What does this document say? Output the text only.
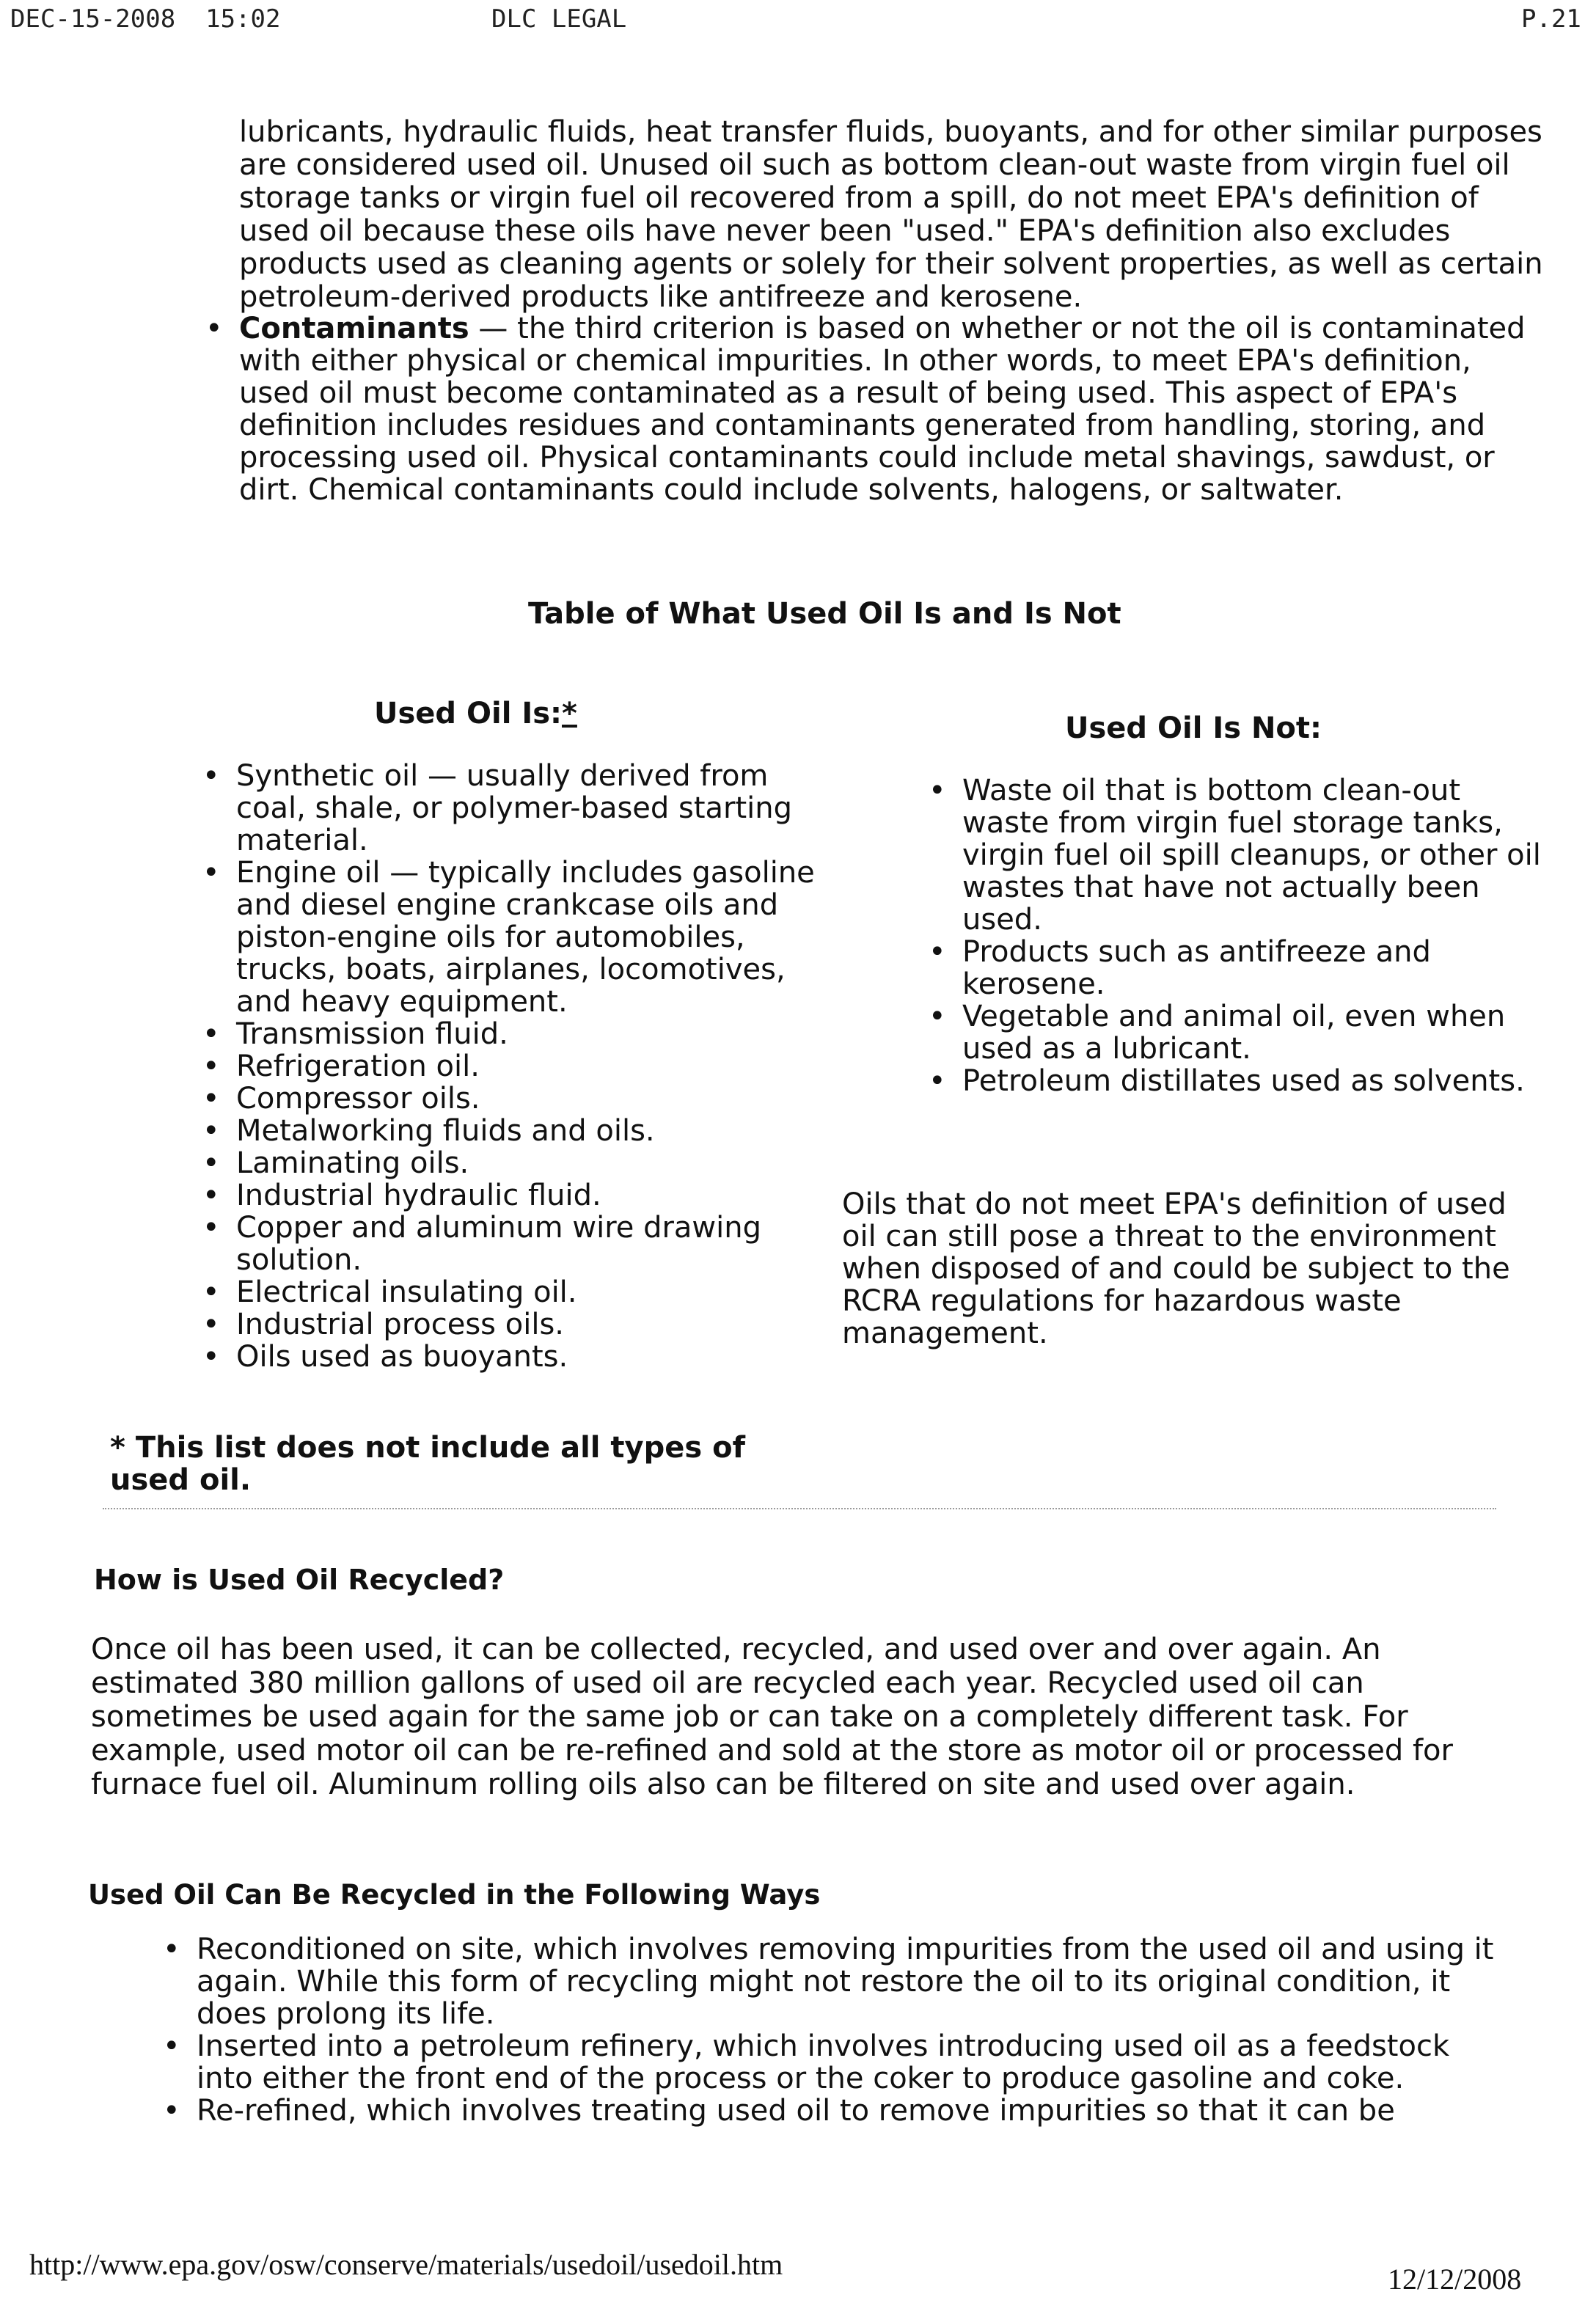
DEC-15-2008  15:02	DLC LEGAL	P.21
lubricants, hydraulic fluids, heat transfer fluids, buoyants, and for other similar purposes are considered used oil. Unused oil such as bottom clean-out waste from virgin fuel oil storage tanks or virgin fuel oil recovered from a spill, do not meet EPA's definition of used oil because these oils have never been "used." EPA's definition also excludes products used as cleaning agents or solely for their solvent properties, as well as certain petroleum-derived products like antifreeze and kerosene.
• Contaminants — the third criterion is based on whether or not the oil is contaminated with either physical or chemical impurities. In other words, to meet EPA's definition, used oil must become contaminated as a result of being used. This aspect of EPA's definition includes residues and contaminants generated from handling, storing, and processing used oil. Physical contaminants could include metal shavings, sawdust, or dirt. Chemical contaminants could include solvents, halogens, or saltwater.
Table of What Used Oil Is and Is Not
Used Oil Is:*
• Synthetic oil — usually derived from coal, shale, or polymer-based starting material.
• Engine oil — typically includes gasoline and diesel engine crankcase oils and piston-engine oils for automobiles, trucks, boats, airplanes, locomotives, and heavy equipment.
• Transmission fluid.
• Refrigeration oil.
• Compressor oils.
• Metalworking fluids and oils.
• Laminating oils.
• Industrial hydraulic fluid.
• Copper and aluminum wire drawing solution.
• Electrical insulating oil.
• Industrial process oils.
• Oils used as buoyants.
* This list does not include all types of used oil.
Used Oil Is Not:
• Waste oil that is bottom clean-out waste from virgin fuel storage tanks, virgin fuel oil spill cleanups, or other oil wastes that have not actually been used.
• Products such as antifreeze and kerosene.
• Vegetable and animal oil, even when used as a lubricant.
• Petroleum distillates used as solvents.
Oils that do not meet EPA's definition of used oil can still pose a threat to the environment when disposed of and could be subject to the RCRA regulations for hazardous waste management.
How is Used Oil Recycled?
Once oil has been used, it can be collected, recycled, and used over and over again. An estimated 380 million gallons of used oil are recycled each year. Recycled used oil can sometimes be used again for the same job or can take on a completely different task. For example, used motor oil can be re-refined and sold at the store as motor oil or processed for furnace fuel oil. Aluminum rolling oils also can be filtered on site and used over again.
Used Oil Can Be Recycled in the Following Ways
• Reconditioned on site, which involves removing impurities from the used oil and using it again. While this form of recycling might not restore the oil to its original condition, it does prolong its life.
• Inserted into a petroleum refinery, which involves introducing used oil as a feedstock into either the front end of the process or the coker to produce gasoline and coke.
• Re-refined, which involves treating used oil to remove impurities so that it can be
http://www.epa.gov/osw/conserve/materials/usedoil/usedoil.htm	12/12/2008
